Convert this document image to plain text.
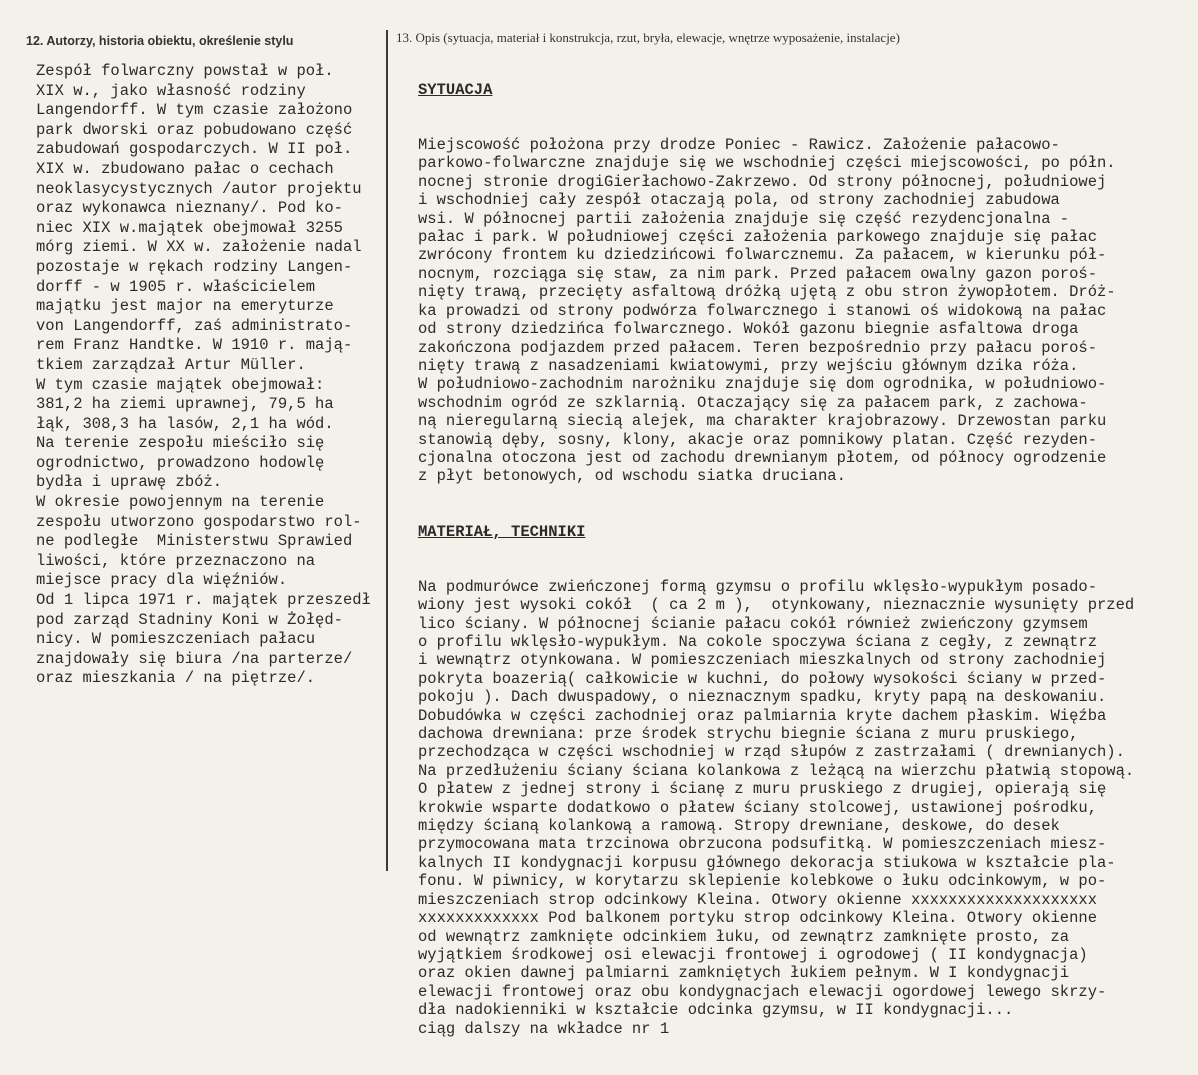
12. Autorzy, historia obiektu, określenie stylu	13. Opis (sytuacja, materiał i konstrukcja, rzut, bryła, elewacje, wnętrze wyposażenie, instalacje)
Zespół folwarczny powstał w poł.
XIX w., jako własność rodziny
Langendorff. W tym czasie założono
park dworski oraz pobudowano część
zabudowań gospodarczych. W II poł.
XIX w. zbudowano pałac o cechach
neoklasycystycznych /autor projektu
oraz wykonawca nieznany/. Pod ko-
niec XIX w.majątek obejmował 3255
mórg ziemi. W XX w. założenie nadal
pozostaje w rękach rodziny Langen-
dorff - w 1905 r. właścicielem
majątku jest major na emeryturze
von Langendorff, zaś administrato-
rem Franz Handtke. W 1910 r. mają-
tkiem zarządzał Artur Müller.
W tym czasie majątek obejmował:
381,2 ha ziemi uprawnej, 79,5 ha
łąk, 308,3 ha lasów, 2,1 ha wód.
Na terenie zespołu mieściło się
ogrodnictwo, prowadzono hodowlę
bydła i uprawę zbóż.
W okresie powojennym na terenie
zespołu utworzono gospodarstwo rol-
ne podległe  Ministerstwu Sprawied
liwości, które przeznaczono na
miejsce pracy dla więźniów.
Od 1 lipca 1971 r. majątek przeszedł
pod zarząd Stadniny Koni w Żołęd-
nicy. W pomieszczeniach pałacu
znajdowały się biura /na parterze/
oraz mieszkania / na piętrze/.

SYTUACJA

Miejscowość położona przy drodze Poniec - Rawicz. Założenie pałacowo-
parkowo-folwarczne znajduje się we wschodniej części miejscowości, po półn.
nocnej stronie drogiGierłachowo-Zakrzewo. Od strony północnej, południowej
i wschodniej cały zespół otaczają pola, od strony zachodniej zabudowa
wsi. W północnej partii założenia znajduje się część rezydencjonalna -
pałac i park. W południowej części założenia parkowego znajduje się pałac
zwrócony frontem ku dziedzińcowi folwarcznemu. Za pałacem, w kierunku pół-
nocnym, rozciąga się staw, za nim park. Przed pałacem owalny gazon poroś-
nięty trawą, przecięty asfaltową dróżką ujętą z obu stron żywopłotem. Dróż-
ka prowadzi od strony podwórza folwarcznego i stanowi oś widokową na pałac
od strony dziedzińca folwarcznego. Wokół gazonu biegnie asfaltowa droga
zakończona podjazdem przed pałacem. Teren bezpośrednio przy pałacu poroś-
nięty trawą z nasadzeniami kwiatowymi, przy wejściu głównym dzika róża.
W południowo-zachodnim narożniku znajduje się dom ogrodnika, w południowo-
wschodnim ogród ze szklarnią. Otaczający się za pałacem park, z zachowa-
ną nieregularną siecią alejek, ma charakter krajobrazowy. Drzewostan parku
stanowią dęby, sosny, klony, akacje oraz pomnikowy platan. Część rezyden-
cjonalna otoczona jest od zachodu drewnianym płotem, od północy ogrodzenie
z płyt betonowych, od wschodu siatka druciana.

MATERIAŁ, TECHNIKI

Na podmurówce zwieńczonej formą gzymsu o profilu wklęsło-wypukłym posado-
wiony jest wysoki cokół  ( ca 2 m ),  otynkowany, nieznacznie wysunięty przed
lico ściany. W północnej ścianie pałacu cokół również zwieńczony gzymsem
o profilu wklęsło-wypukłym. Na cokole spoczywa ściana z cegły, z zewnątrz
i wewnątrz otynkowana. W pomieszczeniach mieszkalnych od strony zachodniej
pokryta boazerią( całkowicie w kuchni, do połowy wysokości ściany w przed-
pokoju ). Dach dwuspadowy, o nieznacznym spadku, kryty papą na deskowaniu.
Dobudówka w części zachodniej oraz palmiarnia kryte dachem płaskim. Więźba
dachowa drewniana: prze środek strychu biegnie ściana z muru pruskiego,
przechodząca w części wschodniej w rząd słupów z zastrzałami ( drewnianych).
Na przedłużeniu ściany ściana kolankowa z leżącą na wierzchu płatwią stopową.
O płatew z jednej strony i ścianę z muru pruskiego z drugiej, opierają się
krokwie wsparte dodatkowo o płatew ściany stolcowej, ustawionej pośrodku,
między ścianą kolankową a ramową. Stropy drewniane, deskowe, do desek
przymocowana mata trzcinowa obrzucona podsufitką. W pomieszczeniach miesz-
kalnych II kondygnacji korpusu głównego dekoracja stiukowa w kształcie pla-
fonu. W piwnicy, w korytarzu sklepienie kolebkowe o łuku odcinkowym, w po-
mieszczeniach strop odcinkowy Kleina. Otwory okienne xxxxxxxxxxxxxxxxxxxx
xxxxxxxxxxxxx Pod balkonem portyku strop odcinkowy Kleina. Otwory okienne
od wewnątrz zamknięte odcinkiem łuku, od zewnątrz zamknięte prosto, za
wyjątkiem środkowej osi elewacji frontowej i ogrodowej ( II kondygnacja)
oraz okien dawnej palmiarni zamkniętych łukiem pełnym. W I kondygnacji
elewacji frontowej oraz obu kondygnacjach elewacji ogordowej lewego skrzy-
dła nadokienniki w kształcie odcinka gzymsu, w II kondygnacji...
ciąg dalszy na wkładce nr 1
